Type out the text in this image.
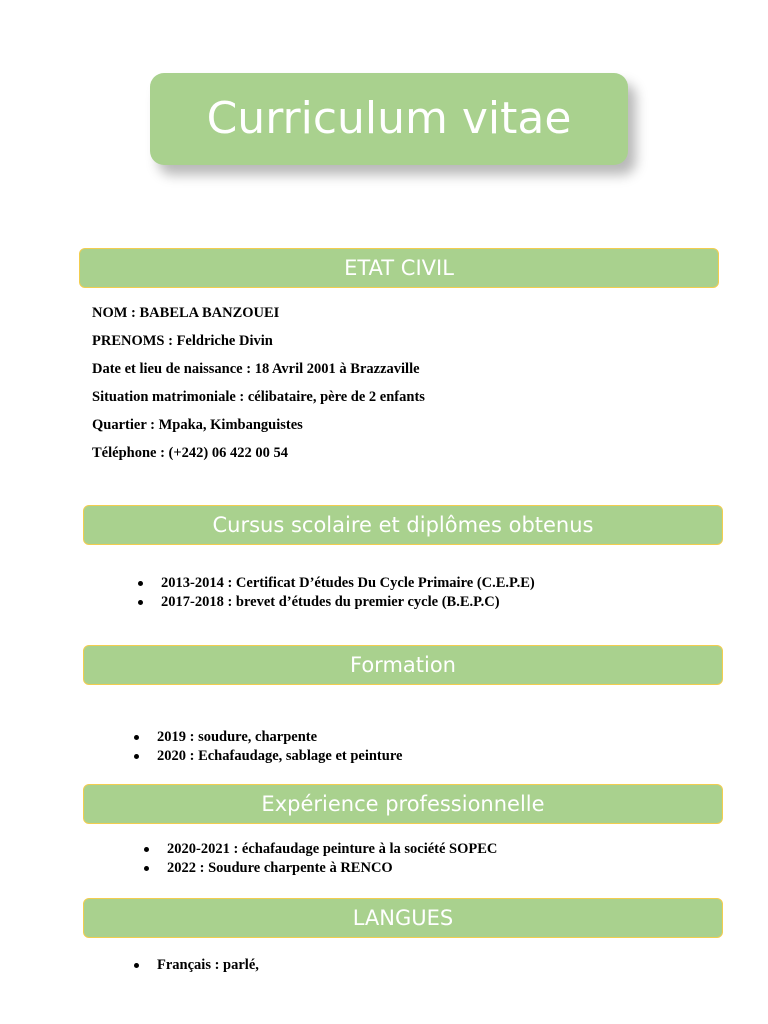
Curriculum vitae
ETAT CIVIL
NOM : BABELA BANZOUEI
PRENOMS : Feldriche Divin
Date et lieu de naissance : 18 Avril 2001 à Brazzaville
Situation matrimoniale : célibataire, père de 2 enfants
Quartier : Mpaka, Kimbanguistes
Téléphone : (+242) 06 422 00 54
Cursus scolaire et diplômes obtenus
2013-2014 : Certificat D’études Du Cycle Primaire (C.E.P.E)
2017-2018 : brevet d’études du premier cycle (B.E.P.C)
Formation
2019 : soudure, charpente
2020 : Echafaudage, sablage et peinture
Expérience professionnelle
2020-2021 : échafaudage peinture à la société SOPEC
2022 : Soudure charpente à RENCO
LANGUES
Français : parlé,
